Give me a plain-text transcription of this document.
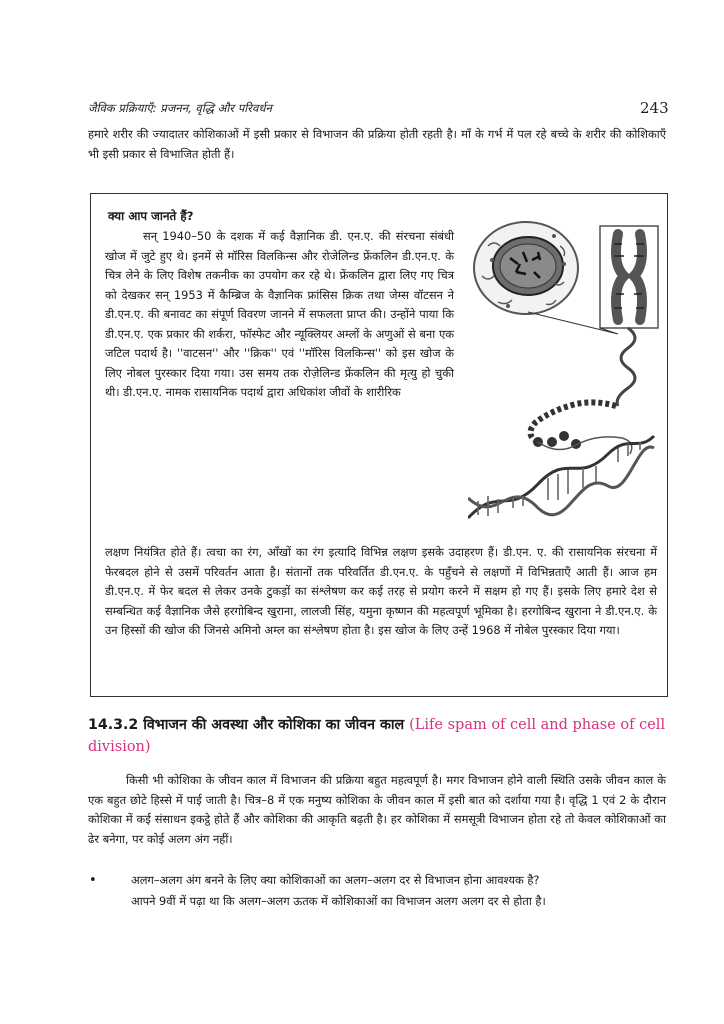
जैविक प्रक्रियाएँ: प्रजनन, वृद्धि और परिवर्धन	243

हमारे शरीर की ज्यादातर कोशिकाओं में इसी प्रकार से विभाजन की प्रक्रिया होती रहती है। माँ के गर्भ में पल रहे बच्चे के शरीर की कोशिकाएँ भी इसी प्रकार से विभाजित होती हैं।

क्या आप जानते हैं?

सन् 1940–50 के दशक में कई वैज्ञानिक डी. एन.ए. की संरचना संबंधी खोज में जुटे हुए थे। इनमें से मॉरिस विलकिन्स और रोजेलिन्ड फ्रेंकलिन डी.एन.ए. के चित्र लेने के लिए विशेष तकनीक का उपयोग कर रहे थे। फ्रेंकलिन द्वारा लिए गए चित्र को देखकर सन् 1953 में कैम्ब्रिज के वैज्ञानिक फ्रांसिस क्रिक तथा जेम्स वॉटसन ने डी.एन.ए. की बनावट का संपूर्ण विवरण जानने में सफलता प्राप्त की। उन्होंने पाया कि डी.एन.ए. एक प्रकार की शर्करा, फॉस्फेट और न्यूक्लियर अम्लों के अणुओं से बना एक जटिल पदार्थ है। ''वाटसन'' और ''क्रिक'' एवं ''मॉरिस विलकिन्स'' को इस खोज के लिए नोबल पुरस्कार दिया गया। उस समय तक रोज़ेलिन्ड फ्रेंकलिन की मृत्यु हो चुकी थी। डी.एन.ए. नामक रासायनिक पदार्थ द्वारा अधिकांश जीवों के शारीरिक

लक्षण नियंत्रित होते हैं। त्वचा का रंग, आँखों का रंग इत्यादि विभिन्न लक्षण इसके उदाहरण हैं। डी.एन. ए. की रासायनिक संरचना में फेरबदल होने से उसमें परिवर्तन आता है। संतानों तक परिवर्तित डी.एन.ए. के पहुँचने से लक्षणों में विभिन्नताएँ आती हैं। आज हम डी.एन.ए. में फेर बदल से लेकर उनके टुकड़ों का संश्लेषण कर कई तरह से प्रयोग करने में सक्षम हो गए हैं। इसके लिए हमारे देश से सम्बन्धित कई वैज्ञानिक जैसे हरगोबिन्द खुराना, लालजी सिंह, यमुना कृष्णन की महत्वपूर्ण भूमिका है। हरगोबिन्द खुराना ने डी.एन.ए. के उन हिस्सों की खोज की जिनसे अमिनो अम्ल का संश्लेषण होता है। इस खोज के लिए उन्हें 1968 में नोबेल पुरस्कार दिया गया।

14.3.2 विभाजन की अवस्था और कोशिका का जीवन काल (Life spam of cell and phase of cell division)

किसी भी कोशिका के जीवन काल में विभाजन की प्रक्रिया बहुत महत्वपूर्ण है। मगर विभाजन होने वाली स्थिति उसके जीवन काल के एक बहुत छोटे हिस्से में पाई जाती है। चित्र–8 में एक मनुष्य कोशिका के जीवन काल में इसी बात को दर्शाया गया है। वृद्धि 1 एवं 2 के दौरान कोशिका में कई संसाधन इकट्ठे होते हैं और कोशिका की आकृति बढ़ती है। हर कोशिका में समसूत्री विभाजन होता रहे तो केवल कोशिकाओं का ढेर बनेगा, पर कोई अलग अंग नहीं।

•	अलग–अलग अंग बनने के लिए क्या कोशिकाओं का अलग–अलग दर से विभाजन होना आवश्यक है?
आपने 9वीं में पढ़ा था कि अलग–अलग ऊतक में कोशिकाओं का विभाजन अलग अलग दर से होता है।
